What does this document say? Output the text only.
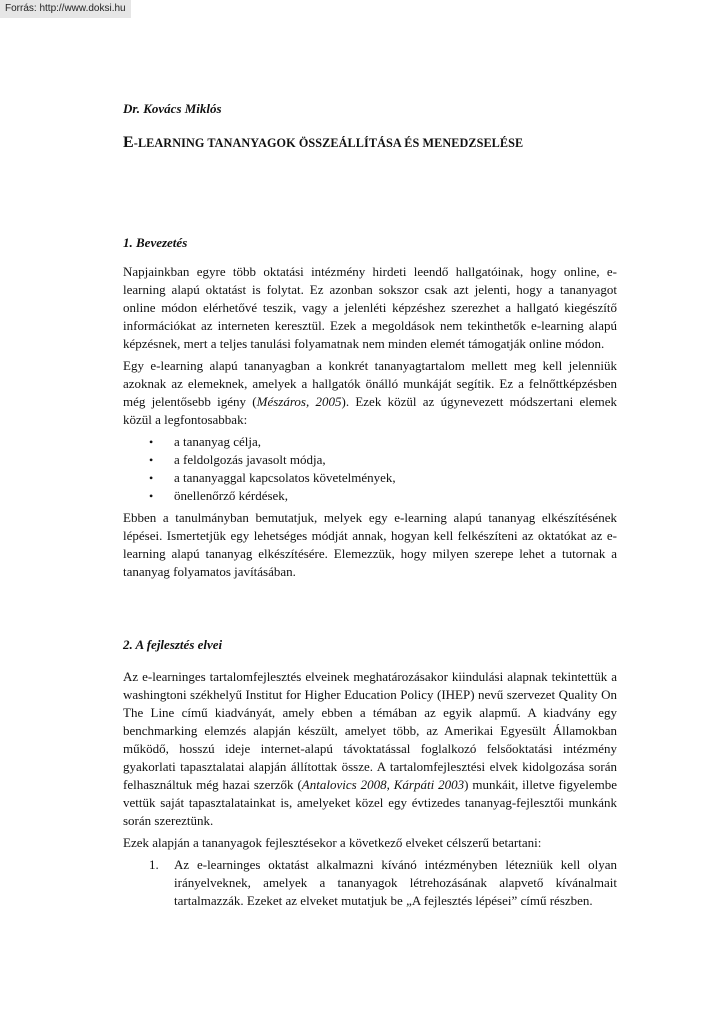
Forrás: http://www.doksi.hu
Dr. Kovács Miklós
E-LEARNING TANANYAGOK ÖSSZEÁLLÍTÁSA ÉS MENEDZSELÉSE
1. Bevezetés

Napjainkban egyre több oktatási intézmény hirdeti leendő hallgatóinak, hogy online, e-learning alapú oktatást is folytat. Ez azonban sokszor csak azt jelenti, hogy a tananyagot online módon elérhetővé teszik, vagy a jelenléti képzéshez szerezhet a hallgató kiegészítő információkat az interneten keresztül. Ezek a megoldások nem tekinthetők e-learning alapú képzésnek, mert a teljes tanulási folyamatnak nem minden elemét támogatják online módon.

Egy e-learning alapú tananyagban a konkrét tananyagtartalom mellett meg kell jelenniük azoknak az elemeknek, amelyek a hallgatók önálló munkáját segítik. Ez a felnőttképzésben még jelentősebb igény (Mészáros, 2005). Ezek közül az úgynevezett módszertani elemek közül a legfontosabbak:

• a tananyag célja,
• a feldolgozás javasolt módja,
• a tananyaggal kapcsolatos követelmények,
• önellenőrző kérdések,

Ebben a tanulmányban bemutatjuk, melyek egy e-learning alapú tananyag elkészítésének lépései. Ismertetjük egy lehetséges módját annak, hogyan kell felkészíteni az oktatókat az e-learning alapú tananyag elkészítésére. Elemezzük, hogy milyen szerepe lehet a tutornak a tananyag folyamatos javításában.

2. A fejlesztés elvei

Az e-learninges tartalomfejlesztés elveinek meghatározásakor kiindulási alapnak tekintettük a washingtoni székhelyű Institut for Higher Education Policy (IHEP) nevű szervezet Quality On The Line című kiadványát, amely ebben a témában az egyik alapmű. A kiadvány egy benchmarking elemzés alapján készült, amelyet több, az Amerikai Egyesült Államokban működő, hosszú ideje internet-alapú távoktatással foglalkozó felsőoktatási intézmény gyakorlati tapasztalatai alapján állítottak össze. A tartalomfejlesztési elvek kidolgozása során felhasználtuk még hazai szerzők (Antalovics 2008, Kárpáti 2003) munkáit, illetve figyelembe vettük saját tapasztalatainkat is, amelyeket közel egy évtizedes tananyag-fejlesztői munkánk során szereztünk.

Ezek alapján a tananyagok fejlesztésekor a következő elveket célszerű betartani:

1. Az e-learninges oktatást alkalmazni kívánó intézményben létezniük kell olyan irányelveknek, amelyek a tananyagok létrehozásának alapvető kívánalmait tartalmazzák. Ezeket az elveket mutatjuk be „A fejlesztés lépései” című részben.
